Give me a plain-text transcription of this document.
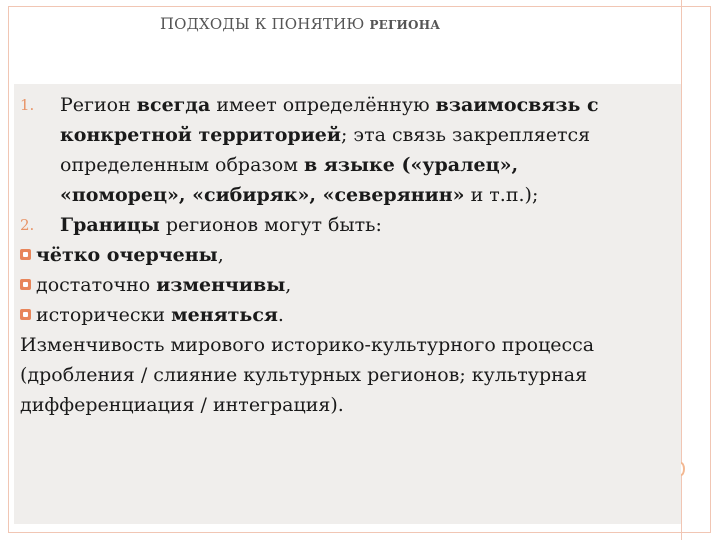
ПОДХОДЫ К ПОНЯТИЮ РЕГИОНА
1. Регион всегда имеет определённую взаимосвязь с
конкретной территорией; эта связь закрепляется
определенным образом в языке («уралец»,
«поморец», «сибиряк», «северянин» и т.п.);
2. Границы регионов могут быть:
чётко очерчены,
достаточно изменчивы,
исторически меняться.
Изменчивость мирового историко-культурного процесса
(дробления / слияние культурных регионов; культурная
дифференциация / интеграция).
